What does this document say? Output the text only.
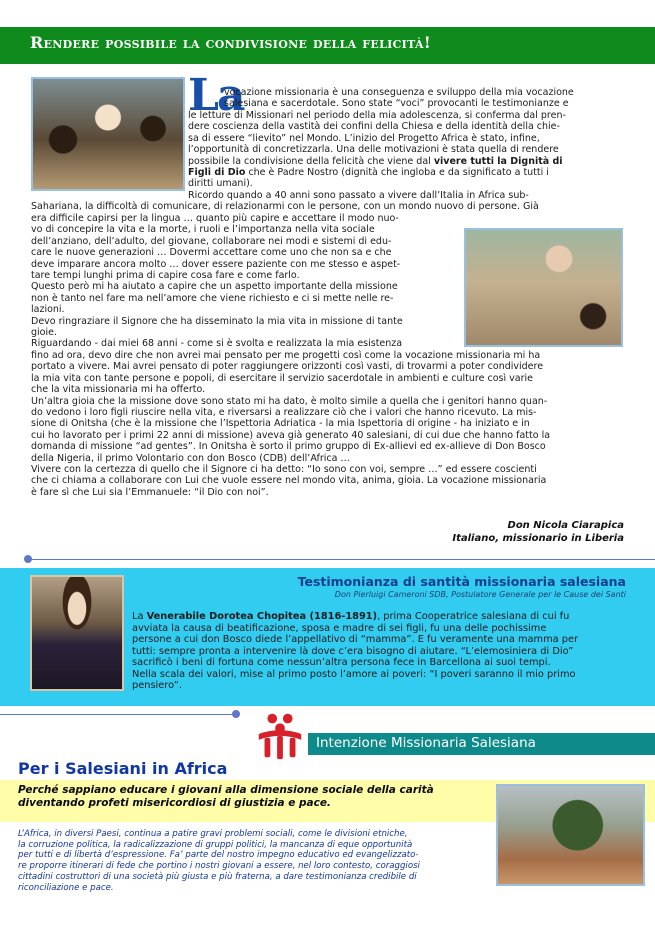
Rendere possibile la condivisione della felicità!
La
vocazione missionaria è una conseguenza e sviluppo della mia vocazione
salesiana e sacerdotale. Sono state “voci” provocanti le testimonianze e
le letture di Missionari nel periodo della mia adolescenza, si conferma dal pren-
dere coscienza della vastità dei confini della Chiesa e della identità della chie-
sa di essere “lievito” nel Mondo. L’inizio del Progetto Africa è stato, infine,
l’opportunità di concretizzarla. Una delle motivazioni è stata quella di rendere
possibile la condivisione della felicità che viene dal vivere tutti la Dignità di
Figli di Dio che è Padre Nostro (dignità che ingloba e da significato a tutti i
diritti umani).
Ricordo quando a 40 anni sono passato a vivere dall’Italia in Africa sub-
Sahariana, la difficoltà di comunicare, di relazionarmi con le persone, con un mondo nuovo di persone. Già
era difficile capirsi per la lingua … quanto più capire e accettare il modo nuo-
vo di concepire la vita e la morte, i ruoli e l’importanza nella vita sociale
dell’anziano, dell’adulto, del giovane, collaborare nei modi e sistemi di edu-
care le nuove generazioni … Dovermi accettare come uno che non sa e che
deve imparare ancora molto … dover essere paziente con me stesso e aspet-
tare tempi lunghi prima di capire cosa fare e come farlo.
Questo però mi ha aiutato a capire che un aspetto importante della missione
non è tanto nel fare ma nell’amore che viene richiesto e ci si mette nelle re-
lazioni.
Devo ringraziare il Signore che ha disseminato la mia vita in missione di tante
gioie.
Riguardando - dai miei 68 anni - come si è svolta e realizzata la mia esistenza
fino ad ora, devo dire che non avrei mai pensato per me progetti così come la vocazione missionaria mi ha
portato a vivere. Mai avrei pensato di poter raggiungere orizzonti così vasti, di trovarmi a poter condividere
la mia vita con tante persone e popoli, di esercitare il servizio sacerdotale in ambienti e culture così varie
che la vita missionaria mi ha offerto.
Un’altra gioia che la missione dove sono stato mi ha dato, è molto simile a quella che i genitori hanno quan-
do vedono i loro figli riuscire nella vita, e riversarsi a realizzare ciò che i valori che hanno ricevuto. La mis-
sione di Onitsha (che è la missione che l’Ispettoria Adriatica - la mia Ispettoria di origine - ha iniziato e in
cui ho lavorato per i primi 22 anni di missione) aveva già generato 40 salesiani, di cui due che hanno fatto la
domanda di missione “ad gentes”. In Onitsha è sorto il primo gruppo di Ex-allievi ed ex-allieve di Don Bosco
della Nigeria, il primo Volontario con don Bosco (CDB) dell’Africa …
Vivere con la certezza di quello che il Signore ci ha detto: “Io sono con voi, sempre …” ed essere coscienti
che ci chiama a collaborare con Lui che vuole essere nel mondo vita, anima, gioia. La vocazione missionaria
è fare sì che Lui sia l’Emmanuele: “il Dio con noi”.
Don Nicola Ciarapica
Italiano, missionario in Liberia
Testimonianza di santità missionaria salesiana
Don Pierluigi Cameroni SDB, Postulatore Generale per le Cause dei Santi
La Venerabile Dorotea Chopitea (1816-1891), prima Cooperatrice salesiana di cui fu
avviata la causa di beatificazione, sposa e madre di sei figli, fu una delle pochissime
persone a cui don Bosco diede l’appellativo di “mamma”. E fu veramente una mamma per
tutti: sempre pronta a intervenire là dove c’era bisogno di aiutare. “L’elemosiniera di Dio”
sacrificò i beni di fortuna come nessun’altra persona fece in Barcellona ai suoi tempi.
Nella scala dei valori, mise al primo posto l’amore ai poveri: “I poveri saranno il mio primo
pensiero”.
Intenzione Missionaria Salesiana
Per i Salesiani in Africa
Perché sappiano educare i giovani alla dimensione sociale della carità diventando profeti misericordiosi di giustizia e pace.
L’Africa, in diversi Paesi, continua a patire gravi problemi sociali, come le divisioni etniche,
la corruzione politica, la radicalizzazione di gruppi politici, la mancanza di eque opportunità
per tutti e di libertà d’espressione. Fa’ parte del nostro impegno educativo ed evangelizzato-
re proporre itinerari di fede che portino i nostri giovani a essere, nel loro contesto, coraggiosi
cittadini costruttori di una società più giusta e più fraterna, a dare testimonianza credibile di
riconciliazione e pace.
